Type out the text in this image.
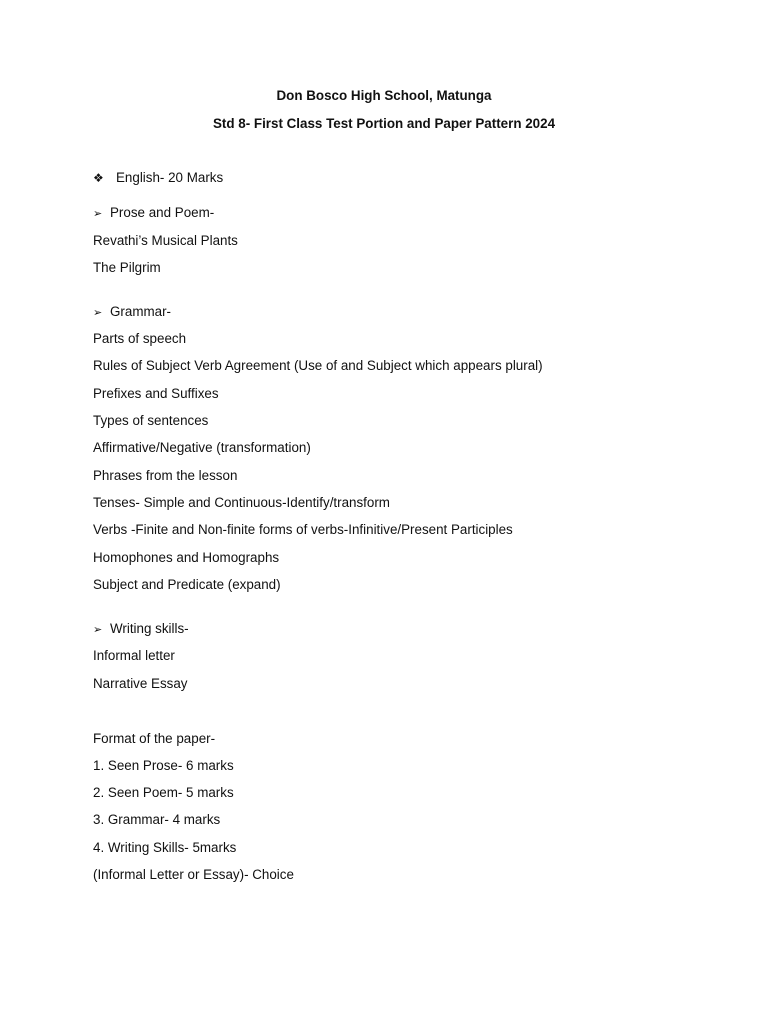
Don Bosco High School, Matunga
Std 8- First Class Test Portion and Paper Pattern 2024
❖ English- 20 Marks
➢ Prose and Poem-
Revathi’s Musical Plants
The Pilgrim
➢ Grammar-
Parts of speech
Rules of Subject Verb Agreement (Use of and Subject which appears plural)
Prefixes and Suffixes
Types of sentences
Affirmative/Negative (transformation)
Phrases from the lesson
Tenses- Simple and Continuous-Identify/transform
Verbs -Finite and Non-finite forms of verbs-Infinitive/Present Participles
Homophones and Homographs
Subject and Predicate (expand)
➢ Writing skills-
Informal letter
Narrative Essay
Format of the paper-
1. Seen Prose- 6 marks
2. Seen Poem- 5 marks
3. Grammar- 4 marks
4. Writing Skills- 5marks
(Informal Letter or Essay)- Choice
